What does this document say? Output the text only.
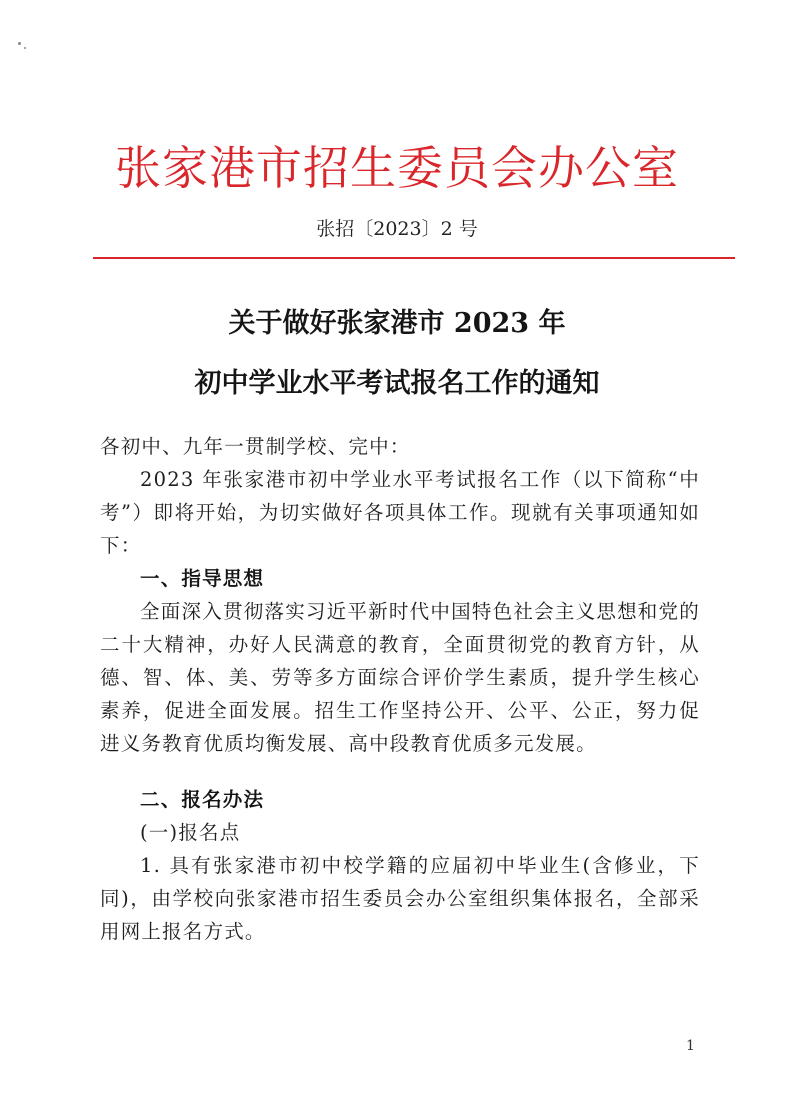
张家港市招生委员会办公室
张招〔2023〕2 号
关于做好张家港市 2023 年
初中学业水平考试报名工作的通知
各初中、九年一贯制学校、完中：

2023 年张家港市初中学业水平考试报名工作（以下简称“中考”）即将开始，为切实做好各项具体工作。现就有关事项通知如下：

一、指导思想

全面深入贯彻落实习近平新时代中国特色社会主义思想和党的二十大精神，办好人民满意的教育，全面贯彻党的教育方针，从德、智、体、美、劳等多方面综合评价学生素质，提升学生核心素养，促进全面发展。招生工作坚持公开、公平、公正，努力促进义务教育优质均衡发展、高中段教育优质多元发展。

二、报名办法
(一)报名点

1. 具有张家港市初中校学籍的应届初中毕业生(含修业，下同)，由学校向张家港市招生委员会办公室组织集体报名，全部采用网上报名方式。

1
